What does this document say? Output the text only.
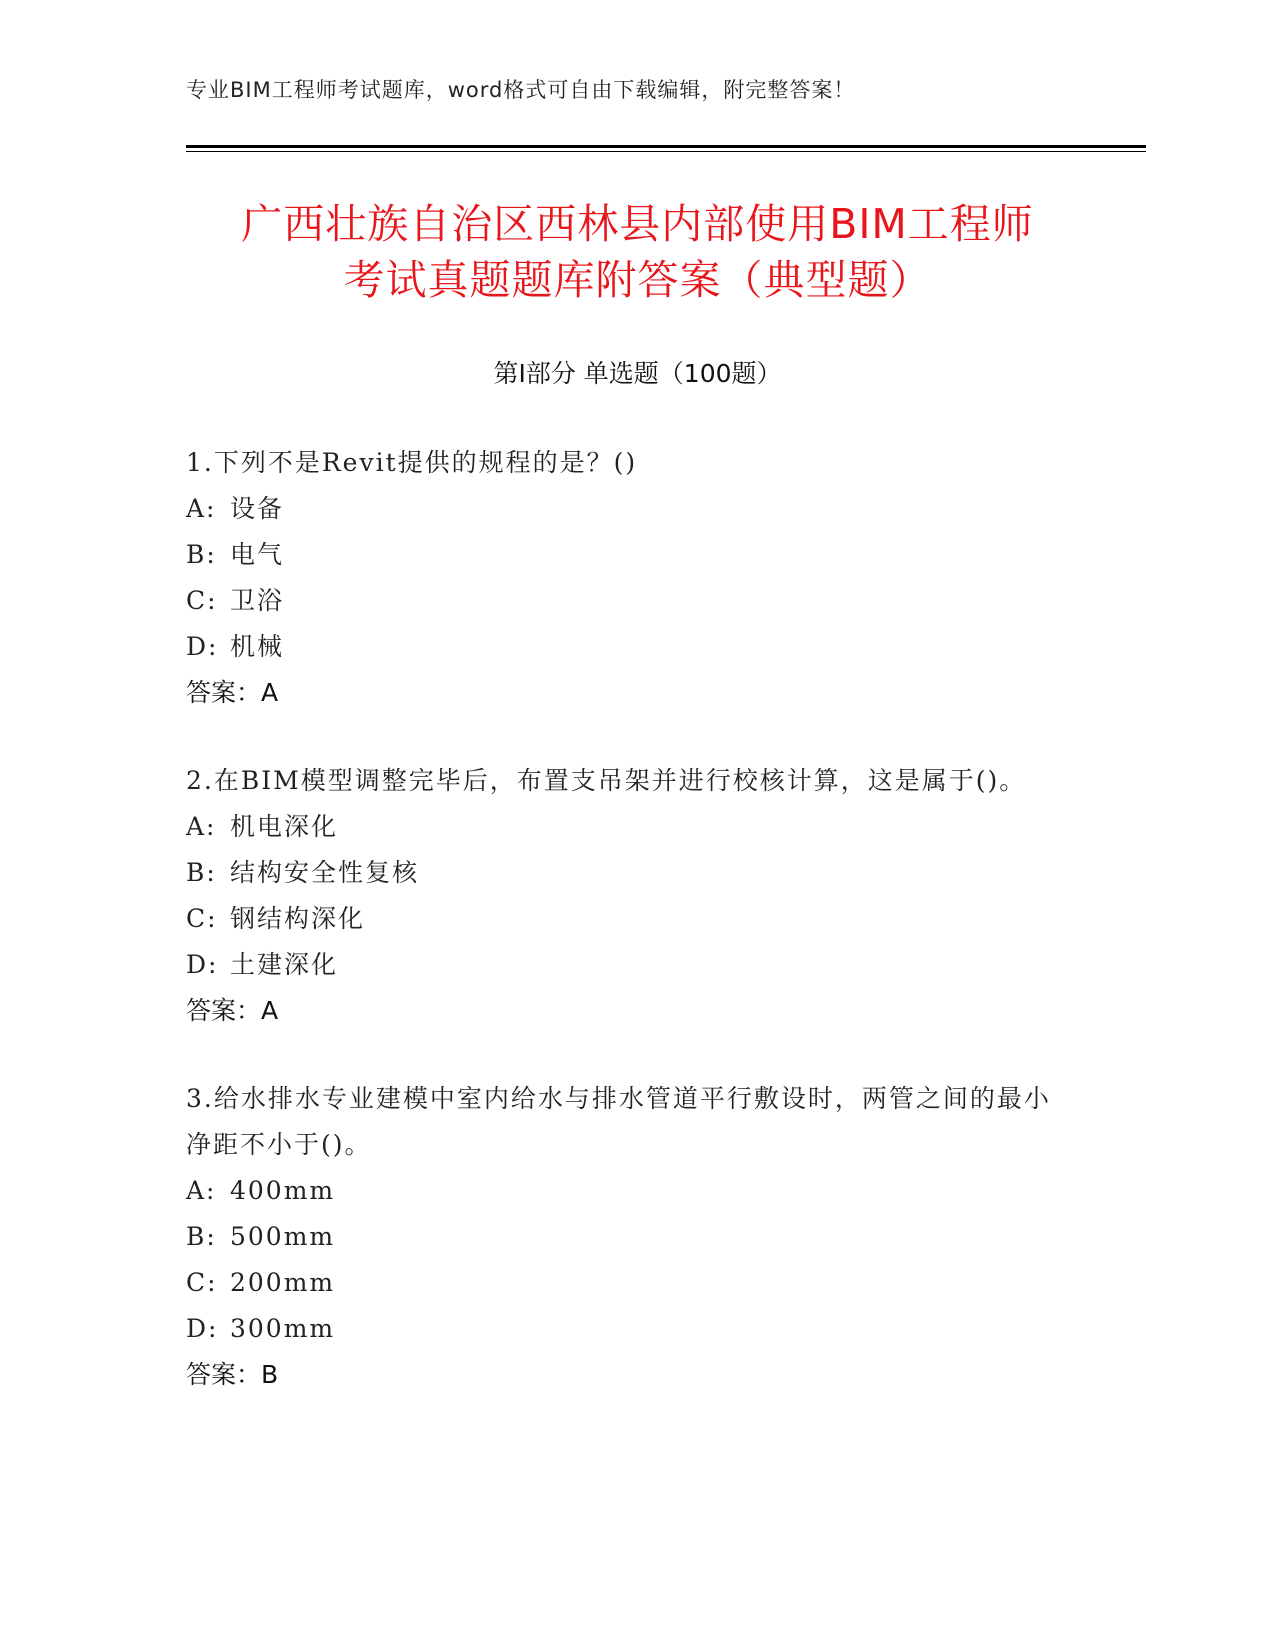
专业BIM工程师考试题库，word格式可自由下载编辑，附完整答案！
广西壮族自治区西林县内部使用BIM工程师
考试真题题库附答案（典型题）
第Ⅰ部分 单选题（100题）
1.下列不是Revit提供的规程的是？()
A: 设备
B: 电气
C: 卫浴
D: 机械
答案：A
2.在BIM模型调整完毕后，布置支吊架并进行校核计算，这是属于()。
A: 机电深化
B: 结构安全性复核
C: 钢结构深化
D: 土建深化
答案：A
3.给水排水专业建模中室内给水与排水管道平行敷设时，两管之间的最小净距不小于()。
A: 400mm
B: 500mm
C: 200mm
D: 300mm
答案：B
